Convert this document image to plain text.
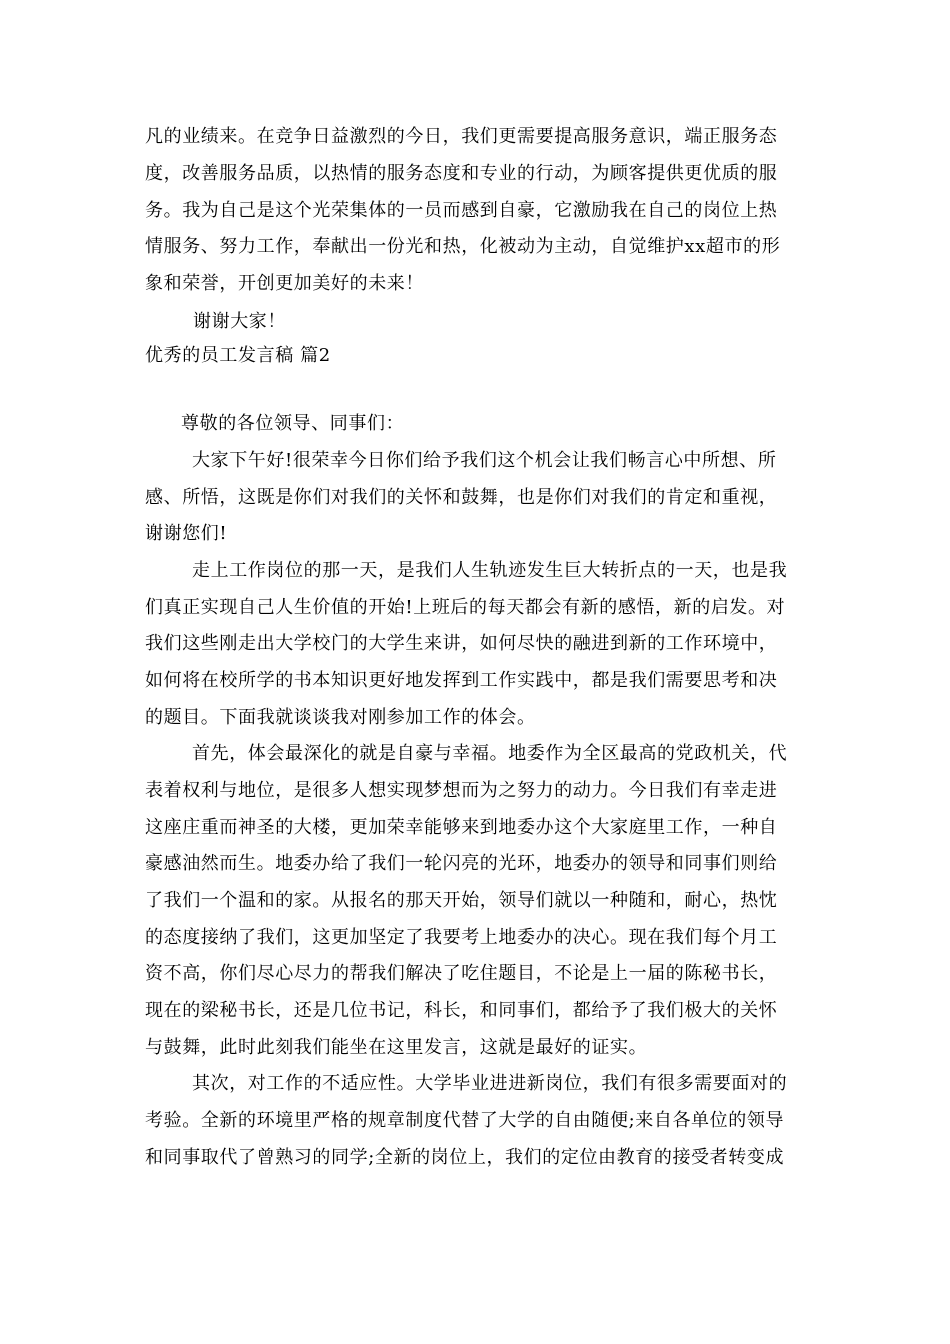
凡的业绩来。在竞争日益激烈的今日，我们更需要提高服务意识，端正服务态
度，改善服务品质，以热情的服务态度和专业的行动，为顾客提供更优质的服
务。我为自己是这个光荣集体的一员而感到自豪，它激励我在自己的岗位上热
情服务、努力工作，奉献出一份光和热，化被动为主动，自觉维护xx超市的形
象和荣誉，开创更加美好的未来！
谢谢大家！
优秀的员工发言稿 篇2
尊敬的各位领导、同事们：
大家下午好!很荣幸今日你们给予我们这个机会让我们畅言心中所想、所
感、所悟，这既是你们对我们的关怀和鼓舞，也是你们对我们的肯定和重视，
谢谢您们!
走上工作岗位的那一天，是我们人生轨迹发生巨大转折点的一天，也是我
们真正实现自己人生价值的开始!上班后的每天都会有新的感悟，新的启发。对
我们这些刚走出大学校门的大学生来讲，如何尽快的融进到新的工作环境中，
如何将在校所学的书本知识更好地发挥到工作实践中，都是我们需要思考和决
的题目。下面我就谈谈我对刚参加工作的体会。
首先，体会最深化的就是自豪与幸福。地委作为全区最高的党政机关，代
表着权利与地位，是很多人想实现梦想而为之努力的动力。今日我们有幸走进
这座庄重而神圣的大楼，更加荣幸能够来到地委办这个大家庭里工作，一种自
豪感油然而生。地委办给了我们一轮闪亮的光环，地委办的领导和同事们则给
了我们一个温和的家。从报名的那天开始，领导们就以一种随和，耐心，热忱
的态度接纳了我们，这更加坚定了我要考上地委办的决心。现在我们每个月工
资不高，你们尽心尽力的帮我们解决了吃住题目，不论是上一届的陈秘书长，
现在的梁秘书长，还是几位书记，科长，和同事们，都给予了我们极大的关怀
与鼓舞，此时此刻我们能坐在这里发言，这就是最好的证实。
其次，对工作的不适应性。大学毕业进进新岗位，我们有很多需要面对的
考验。全新的环境里严格的规章制度代替了大学的自由随便;来自各单位的领导
和同事取代了曾熟习的同学;全新的岗位上，我们的定位由教育的接受者转变成
